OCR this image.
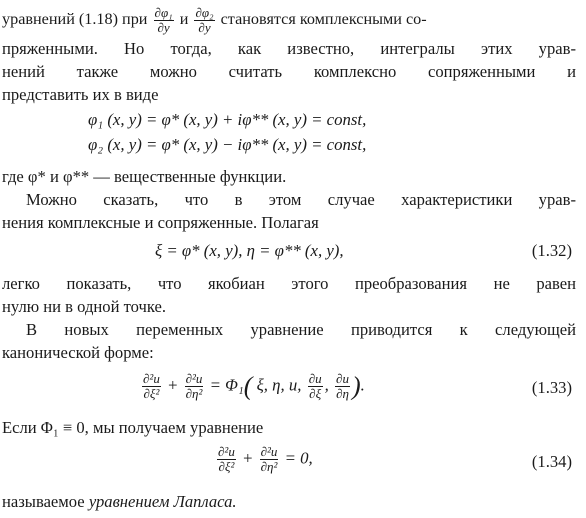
уравнений (1.18) при $\frac{\text{∂φ₁}}{\partial y}$ и $\frac{\text{∂φ₂}}{\partial y}$ становятся комплексными со-
пряженными. Но тогда, как известно, интегралы этих урав-
нений также можно считать комплексно сопряженными и
представить их в виде
φ₁ (x, y) = φ* (x, y) + iφ** (x, y) = const,
φ₂ (x, y) = φ* (x, y) − iφ** (x, y) = const,
где φ* и φ** — вещественные функции.
Можно сказать, что в этом случае характеристики урав-
нения комплексные и сопряженные. Полагая
ξ = φ* (x, y), η = φ** (x, y),	(1.32)
легко показать, что якобиан этого преобразования не равен
нулю ни в одной точке.
В новых переменных уравнение приводится к следующей
канонической форме:
$\frac{\text{∂²u}}{\text{∂ξ²}} + \frac{\text{∂²u}}{\text{∂η²}} = \Phi_1$( ξ, η, u, $\frac{\partial u}{\partial\xi}$ , $\frac{\partial u}{\partial\eta}$ ).	(1.33)
Если Φ₁ ≡ 0, мы получаем уравнение
$\frac{\text{∂²u}}{\text{∂ξ²}} + \frac{\text{∂²u}}{\text{∂η²}} = 0$,	(1.34)
называемое уравнением Лапласа.
